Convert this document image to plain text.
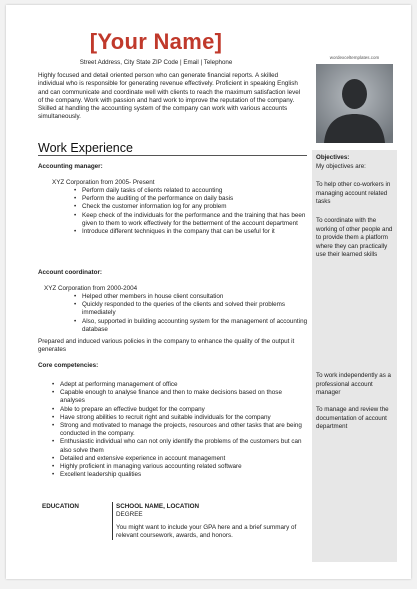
[Your Name]
Street Address, City State ZIP Code | Email | Telephone
Highly focused and detail oriented person who can generate financial reports. A skilled individual who is responsible for generating revenue effectively. Proficient in speaking English and can communicate and coordinate well with clients to reach the maximum satisfaction level of the company. Work with passion and hard work to improve the reputation of the company. Skilled at handling the accounting system of the company can work with various accounts simultaneously.
wordexceltemplates.com
Work Experience
Accounting manager:
XYZ Corporation from 2005- Present
• Perform daily tasks of clients related to accounting
• Perform the auditing of the performance on daily basis
• Check the customer information log for any problem
• Keep check of the individuals for the performance and the training that has been given to them to work effectively for the betterment of the account department
• Introduce different techniques in the company that can be useful for it
Account coordinator:
XYZ Corporation from 2000-2004
• Helped other members in house client consultation
• Quickly responded to the queries of the clients and solved their problems immediately
• Also, supported in building accounting system for the management of accounting database
Prepared and induced various policies in the company to enhance the quality of the output it generates
Core competencies:
• Adept at performing management of office
• Capable enough to analyse finance and then to make decisions based on those analyses
• Able to prepare an effective budget for the company
• Have strong abilities to recruit right and suitable individuals for the company
• Strong and motivated to manage the projects, resources and other tasks that are being conducted in the company.
• Enthusiastic individual who can not only identify the problems of the customers but can also solve them
• Detailed and extensive experience in account management
• Highly proficient in managing various accounting related software
• Excellent leadership qualities
EDUCATION	SCHOOL NAME, LOCATION
DEGREE
You might want to include your GPA here and a brief summary of relevant coursework, awards, and honors.
Objectives:
My objectives are:
To help other co-workers in managing account related tasks
To coordinate with the working of other people and to provide them a platform where they can practically use their learned skills
To work independently as a professional account manager
To manage and review the documentation of account department
